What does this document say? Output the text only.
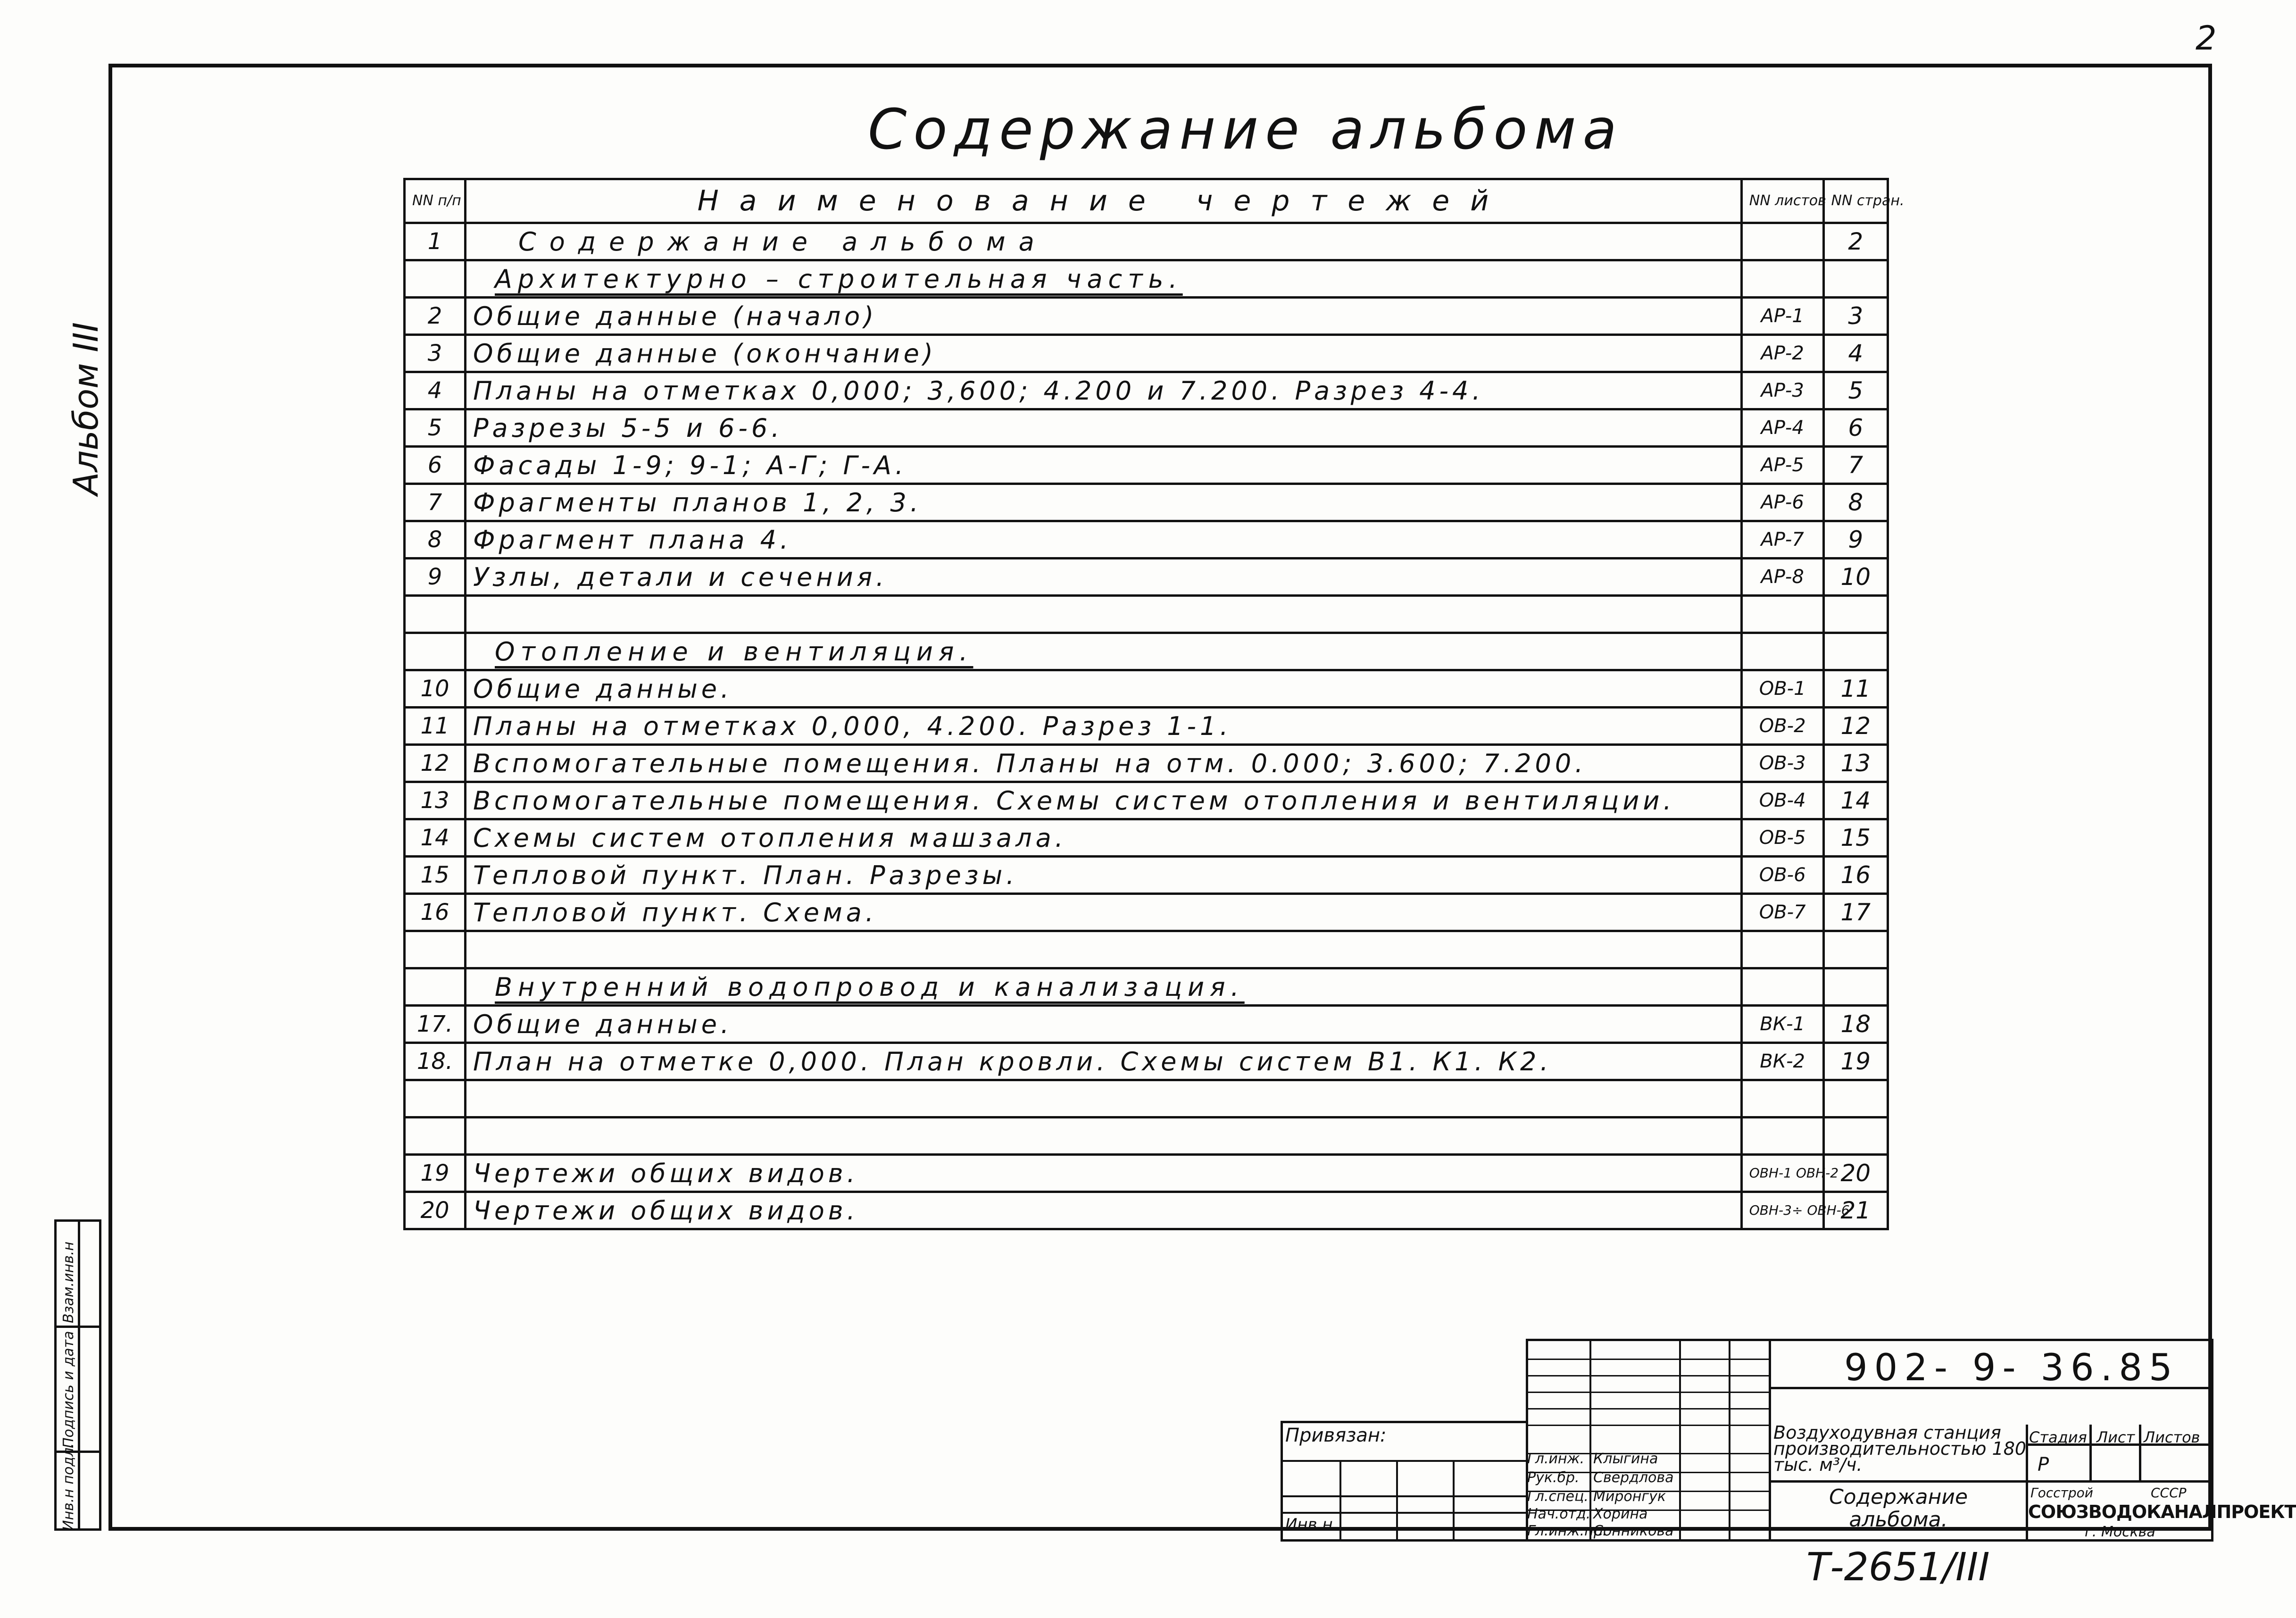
2
Альбом III
Содержание альбома
NN п/п	Наименование чертежей	NN листов	NN стран.
1	Содержание альбома		2
	Архитектурно – строительная часть.		
2	Общие данные (начало)	АР-1	3
3	Общие данные (окончание)	АР-2	4
4	Планы на отметках 0,000; 3,600; 4.200 и 7.200. Разрез 4-4.	АР-3	5
5	Разрезы 5-5 и 6-6.	АР-4	6
6	Фасады 1-9; 9-1; А-Г; Г-А.	АР-5	7
7	Фрагменты планов 1, 2, 3.	АР-6	8
8	Фрагмент плана 4.	АР-7	9
9	Узлы, детали и сечения.	АР-8	10

	Отопление и вентиляция.		
10	Общие данные.	ОВ-1	11
11	Планы на отметках 0,000, 4.200. Разрез 1-1.	ОВ-2	12
12	Вспомогательные помещения. Планы на отм. 0.000; 3.600; 7.200.	ОВ-3	13
13	Вспомогательные помещения. Схемы систем отопления и вентиляции.	ОВ-4	14
14	Схемы систем отопления машзала.	ОВ-5	15
15	Тепловой пункт. План. Разрезы.	ОВ-6	16
16	Тепловой пункт. Схема.	ОВ-7	17

	Внутренний водопровод и канализация.		
17.	Общие данные.	ВК-1	18
18.	План на отметке 0,000. План кровли. Схемы систем В1. К1. К2.	ВК-2	19

19	Чертежи общих видов.	ОВН-1 ОВН-2	20
20	Чертежи общих видов.	ОВН-3÷ ОВН-6	21
Инв.н подл.
Подпись и дата
Взам.инв.н
902- 9- 36.85
Привязан:
Инв.н
Гл.инж. Клыгина
Рук.бр. Свердлова
Гл.спец. Миронгук
Нач.отд. Хорина
Гл.инж.пр.
Сонникова
Воздуходувная станция производительностью 180 тыс. м³/ч.
Содержание альбома.
Стадия Лист Листов
Р
Госстрой	СССР
СОЮЗВОДОКАНАЛПРОЕКТ
г. Москва
Т-2651/III
